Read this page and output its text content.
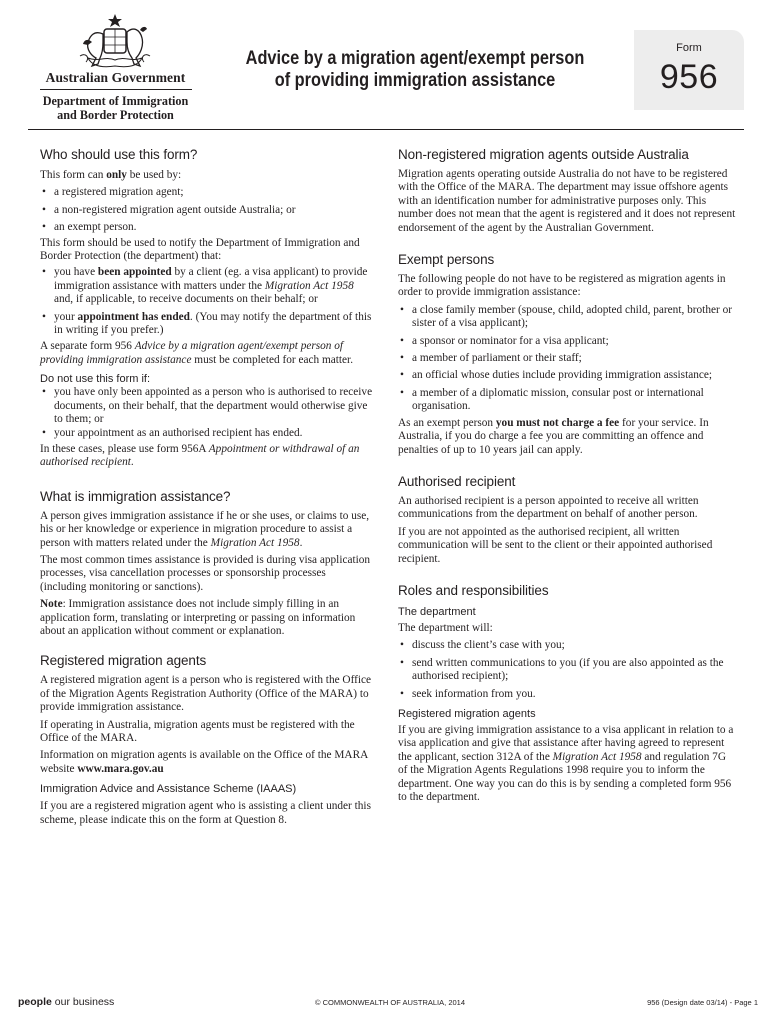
Australian Government
Department of Immigration
and Border Protection
Advice by a migration agent/exempt person
of providing immigration assistance
Form
956
Who should use this form?

This form can only be used by:

• a registered migration agent;
• a non-registered migration agent outside Australia; or
• an exempt person.

This form should be used to notify the Department of Immigration and Border Protection (the department) that:

• you have been appointed by a client (eg. a visa applicant) to provide immigration assistance with matters under the Migration Act 1958 and, if applicable, to receive documents on their behalf; or
• your appointment has ended. (You may notify the department of this in writing if you prefer.)

A separate form 956 Advice by a migration agent/exempt person of providing immigration assistance must be completed for each matter.

Do not use this form if:
• you have only been appointed as a person who is authorised to receive documents, on their behalf, that the department would otherwise give to them; or
• your appointment as an authorised recipient has ended.

In these cases, please use form 956A Appointment or withdrawal of an authorised recipient.

What is immigration assistance?

A person gives immigration assistance if he or she uses, or claims to use, his or her knowledge or experience in migration procedure to assist a person with matters related under the Migration Act 1958.

The most common times assistance is provided is during visa application processes, visa cancellation processes or sponsorship processes (including monitoring or sanctions).

Note: Immigration assistance does not include simply filling in an application form, translating or interpreting or passing on information about an application without comment or explanation.

Registered migration agents

A registered migration agent is a person who is registered with the Office of the Migration Agents Registration Authority (Office of the MARA) to provide immigration assistance.

If operating in Australia, migration agents must be registered with the Office of the MARA.

Information on migration agents is available on the Office of the MARA website www.mara.gov.au

Immigration Advice and Assistance Scheme (IAAAS)

If you are a registered migration agent who is assisting a client under this scheme, please indicate this on the form at Question 8.

Non-registered migration agents outside Australia

Migration agents operating outside Australia do not have to be registered with the Office of the MARA. The department may issue offshore agents with an identification number for administrative purposes only. This number does not mean that the agent is registered and it does not represent endorsement of the agent by the Australian Government.

Exempt persons

The following people do not have to be registered as migration agents in order to provide immigration assistance:

• a close family member (spouse, child, adopted child, parent, brother or sister of a visa applicant);
• a sponsor or nominator for a visa applicant;
• a member of parliament or their staff;
• an official whose duties include providing immigration assistance;
• a member of a diplomatic mission, consular post or international organisation.

As an exempt person you must not charge a fee for your service. In Australia, if you do charge a fee you are committing an offence and penalties of up to 10 years jail can apply.

Authorised recipient

An authorised recipient is a person appointed to receive all written communications from the department on behalf of another person.

If you are not appointed as the authorised recipient, all written communication will be sent to the client or their appointed authorised recipient.

Roles and responsibilities
The department

The department will:

• discuss the client’s case with you;
• send written communications to you (if you are also appointed as the authorised recipient);
• seek information from you.
Registered migration agents

If you are giving immigration assistance to a visa applicant in relation to a visa application and give that assistance after having agreed to represent the applicant, section 312A of the Migration Act 1958 and regulation 7G of the Migration Agents Regulations 1998 require you to inform the department. One way you can do this is by sending a completed form 956 to the department.

people our business	© COMMONWEALTH OF AUSTRALIA, 2014	956 (Design date 03/14) - Page 1
